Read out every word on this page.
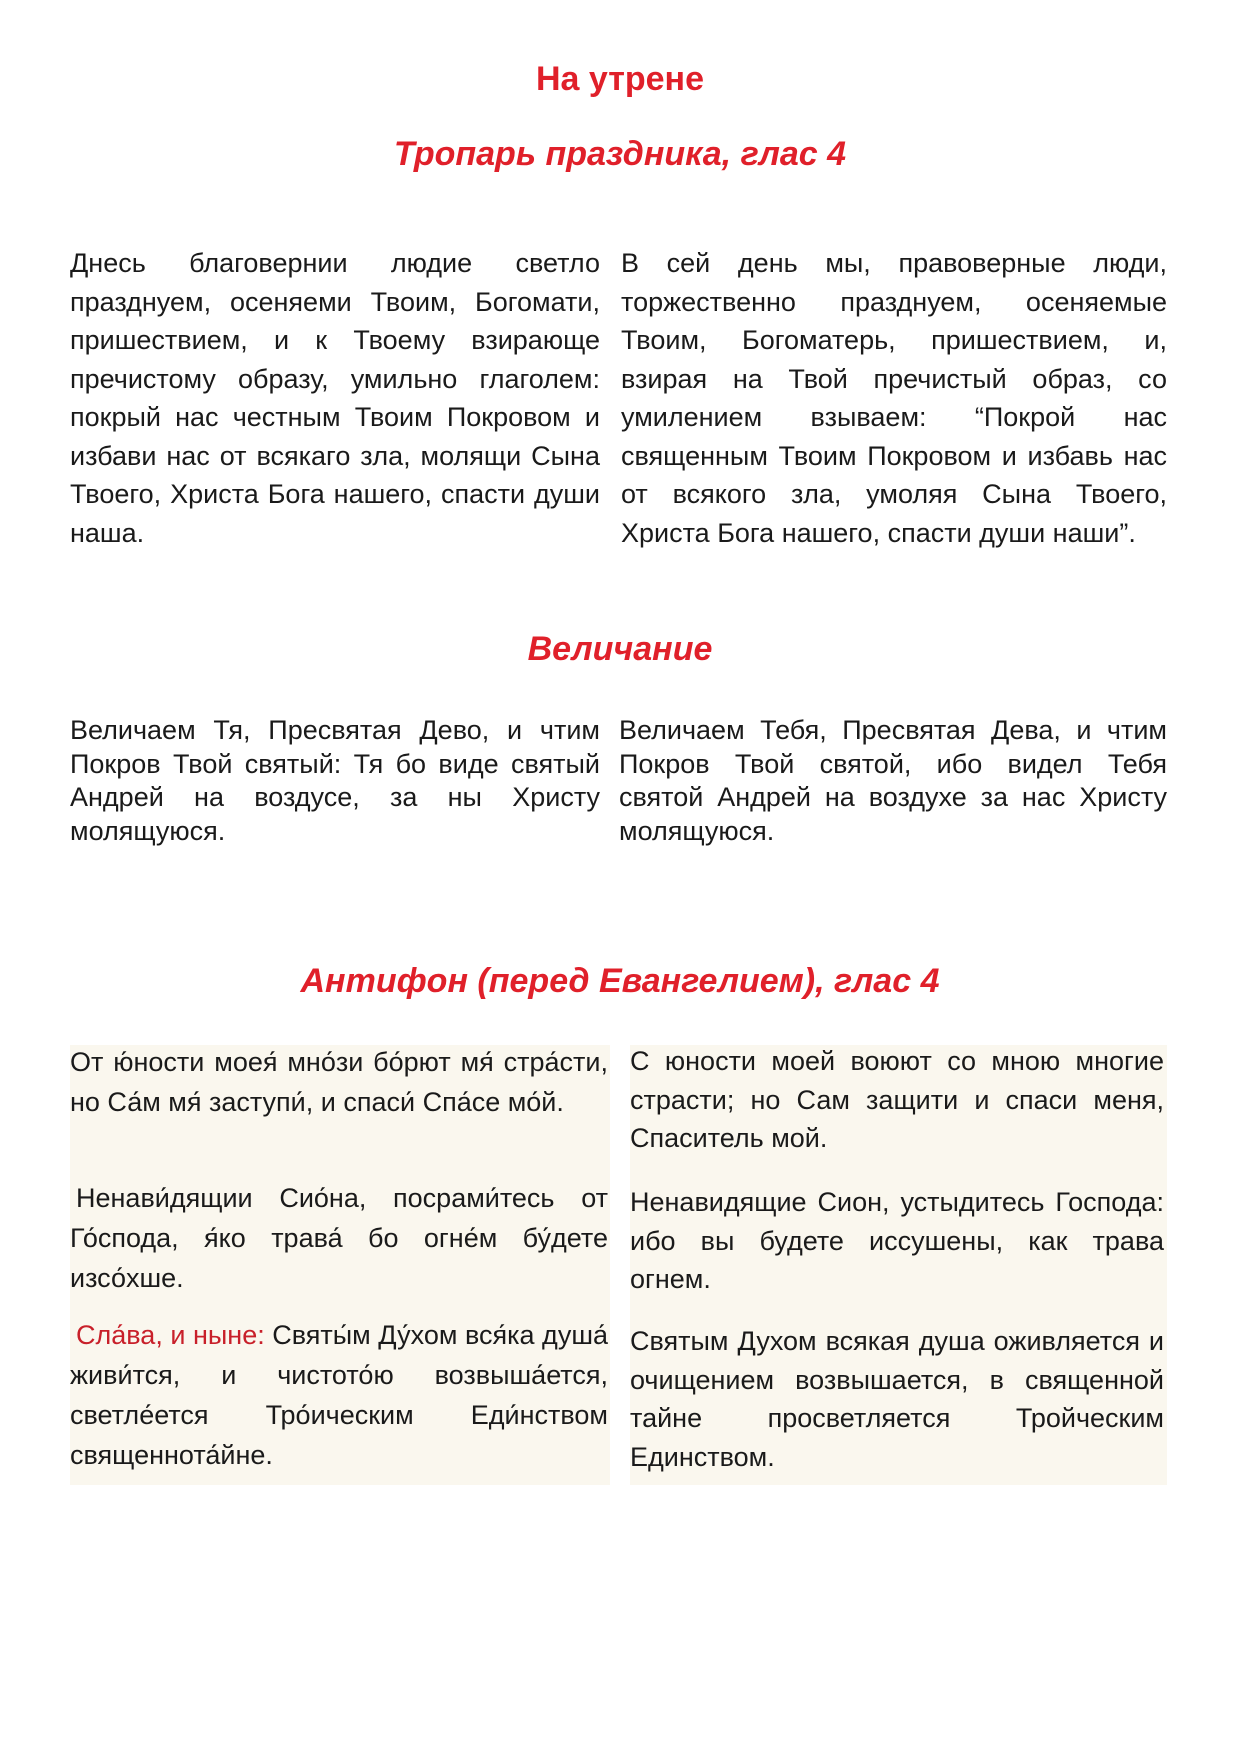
На утрене
Тропарь праздника, глас 4

Днесь благовернии людие светло празднуем, осеняеми Твоим, Богомати, пришествием, и к Твоему взирающе пречистому образу, умильно глаголем: покрый нас честным Твоим Покровом и избави нас от всякаго зла, молящи Сына Твоего, Христа Бога нашего, спасти души наша.

В сей день мы, правоверные люди, торжественно празднуем, осеняемые Твоим, Богоматерь, пришествием, и, взирая на Твой пречистый образ, со умилением взываем: “Покрой нас священным Твоим Покровом и избавь нас от всякого зла, умоляя Сына Твоего, Христа Бога нашего, спасти души наши”.

Величание

Величаем Тя, Пресвятая Дево, и чтим Покров Твой святый: Тя бо виде святый Андрей на воздусе, за ны Христу молящуюся.

Величаем Тебя, Пресвятая Дева, и чтим Покров Твой святой, ибо видел Тебя святой Андрей на воздухе за нас Христу молящуюся.

Антифон (перед Евангелием), глас 4

От ю́ности моея́ мно́зи бо́рют мя́ стра́сти, но Са́м мя́ заступи́, и спаси́ Спа́се мо́й.

Ненави́дящии Сио́на, посрами́тесь от Го́спода, я́ко трава́ бо огне́м бу́дете изсо́хше.

Сла́ва, и ныне: Святы́м Ду́хом вся́ка душа́ живи́тся, и чистото́ю возвыша́ется, светле́ется Тро́ическим Еди́нством священнота́йне.

С юности моей воюют со мною многие страсти; но Сам защити и спаси меня, Спаситель мой.

Ненавидящие Сион, устыдитесь Господа: ибо вы будете иссушены, как трава огнем.

Святым Духом всякая душа оживляется и очищением возвышается, в священной тайне просветляется Тройческим Единством.
